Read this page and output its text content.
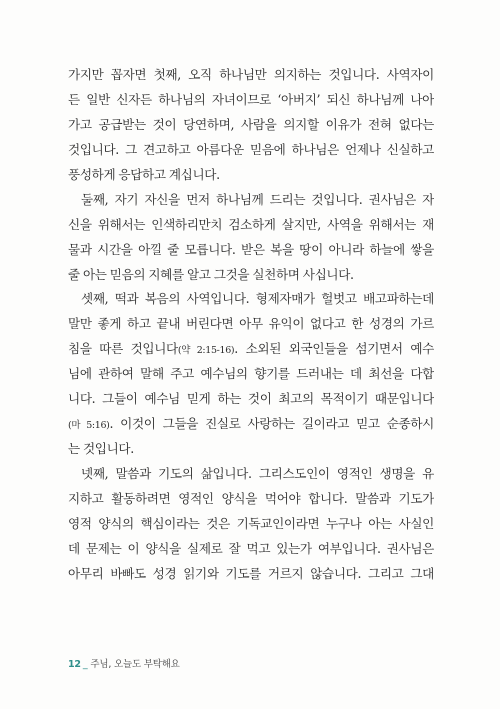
가지만 꼽자면 첫째, 오직 하나님만 의지하는 것입니다. 사역자이
든 일반 신자든 하나님의 자녀이므로 ‘아버지’ 되신 하나님께 나아
가고 공급받는 것이 당연하며, 사람을 의지할 이유가 전혀 없다는
것입니다. 그 견고하고 아름다운 믿음에 하나님은 언제나 신실하고
풍성하게 응답하고 계십니다.
둘째, 자기 자신을 먼저 하나님께 드리는 것입니다. 권사님은 자
신을 위해서는 인색하리만치 검소하게 살지만, 사역을 위해서는 재
물과 시간을 아낄 줄 모릅니다. 받은 복을 땅이 아니라 하늘에 쌓을
줄 아는 믿음의 지혜를 알고 그것을 실천하며 사십니다.
셋째, 떡과 복음의 사역입니다. 형제자매가 헐벗고 배고파하는데
말만 좋게 하고 끝내 버린다면 아무 유익이 없다고 한 성경의 가르
침을 따른 것입니다(약 2:15-16). 소외된 외국인들을 섬기면서 예수
님에 관하여 말해 주고 예수님의 향기를 드러내는 데 최선을 다합
니다. 그들이 예수님 믿게 하는 것이 최고의 목적이기 때문입니다
(마 5:16). 이것이 그들을 진실로 사랑하는 길이라고 믿고 순종하시
는 것입니다.
넷째, 말씀과 기도의 삶입니다. 그리스도인이 영적인 생명을 유
지하고 활동하려면 영적인 양식을 먹어야 합니다. 말씀과 기도가
영적 양식의 핵심이라는 것은 기독교인이라면 누구나 아는 사실인
데 문제는 이 양식을 실제로 잘 먹고 있는가 여부입니다. 권사님은
아무리 바빠도 성경 읽기와 기도를 거르지 않습니다. 그리고 그대
12 _ 주님, 오늘도 부탁해요
